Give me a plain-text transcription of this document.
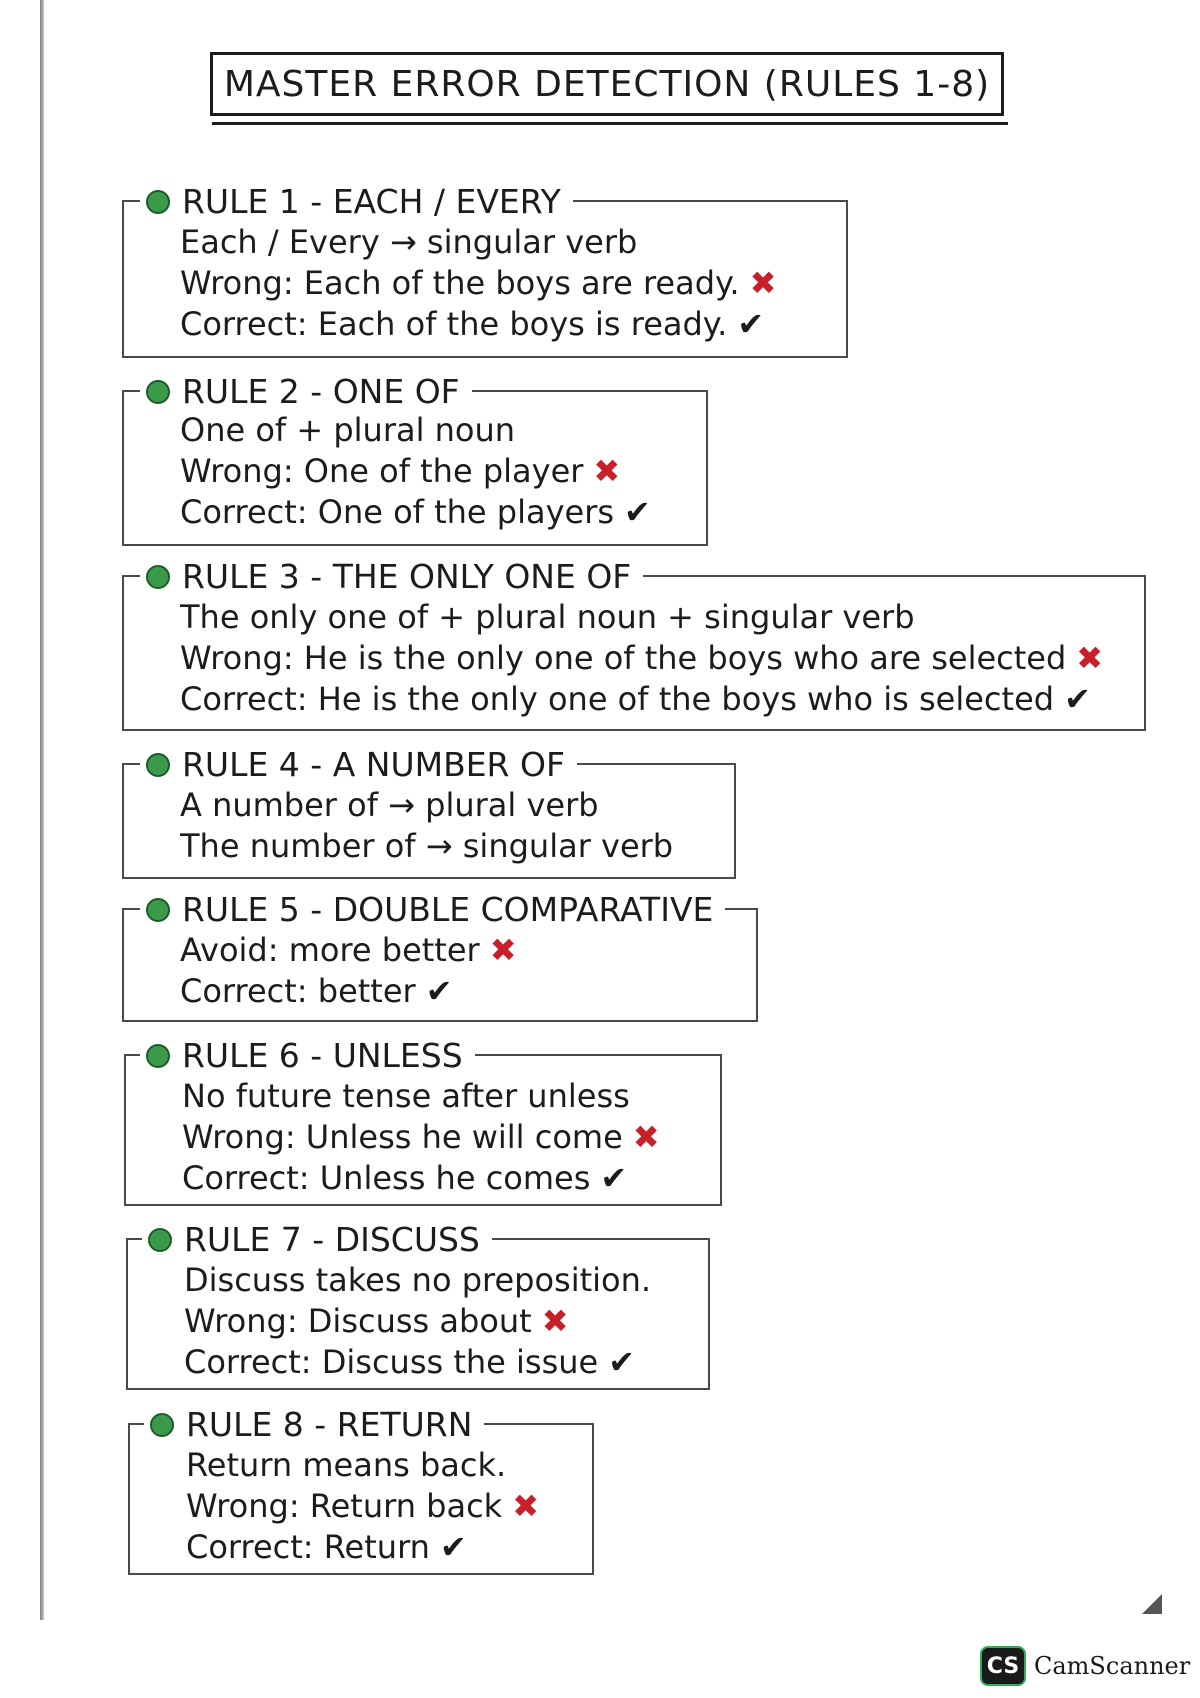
MASTER ERROR DETECTION (RULES 1-8)
RULE 1 - EACH / EVERY
Each / Every → singular verb
Wrong: Each of the boys are ready. ✖
Correct: Each of the boys is ready. ✔
RULE 2 - ONE OF
One of + plural noun
Wrong: One of the player ✖
Correct: One of the players ✔
RULE 3 - THE ONLY ONE OF
The only one of + plural noun + singular verb
Wrong: He is the only one of the boys who are selected ✖
Correct: He is the only one of the boys who is selected ✔
RULE 4 - A NUMBER OF
A number of → plural verb
The number of → singular verb
RULE 5 - DOUBLE COMPARATIVE
Avoid: more better ✖
Correct: better ✔
RULE 6 - UNLESS
No future tense after unless
Wrong: Unless he will come ✖
Correct: Unless he comes ✔
RULE 7 - DISCUSS
Discuss takes no preposition.
Wrong: Discuss about ✖
Correct: Discuss the issue ✔
RULE 8 - RETURN
Return means back.
Wrong: Return back ✖
Correct: Return ✔
CS CamScanner
